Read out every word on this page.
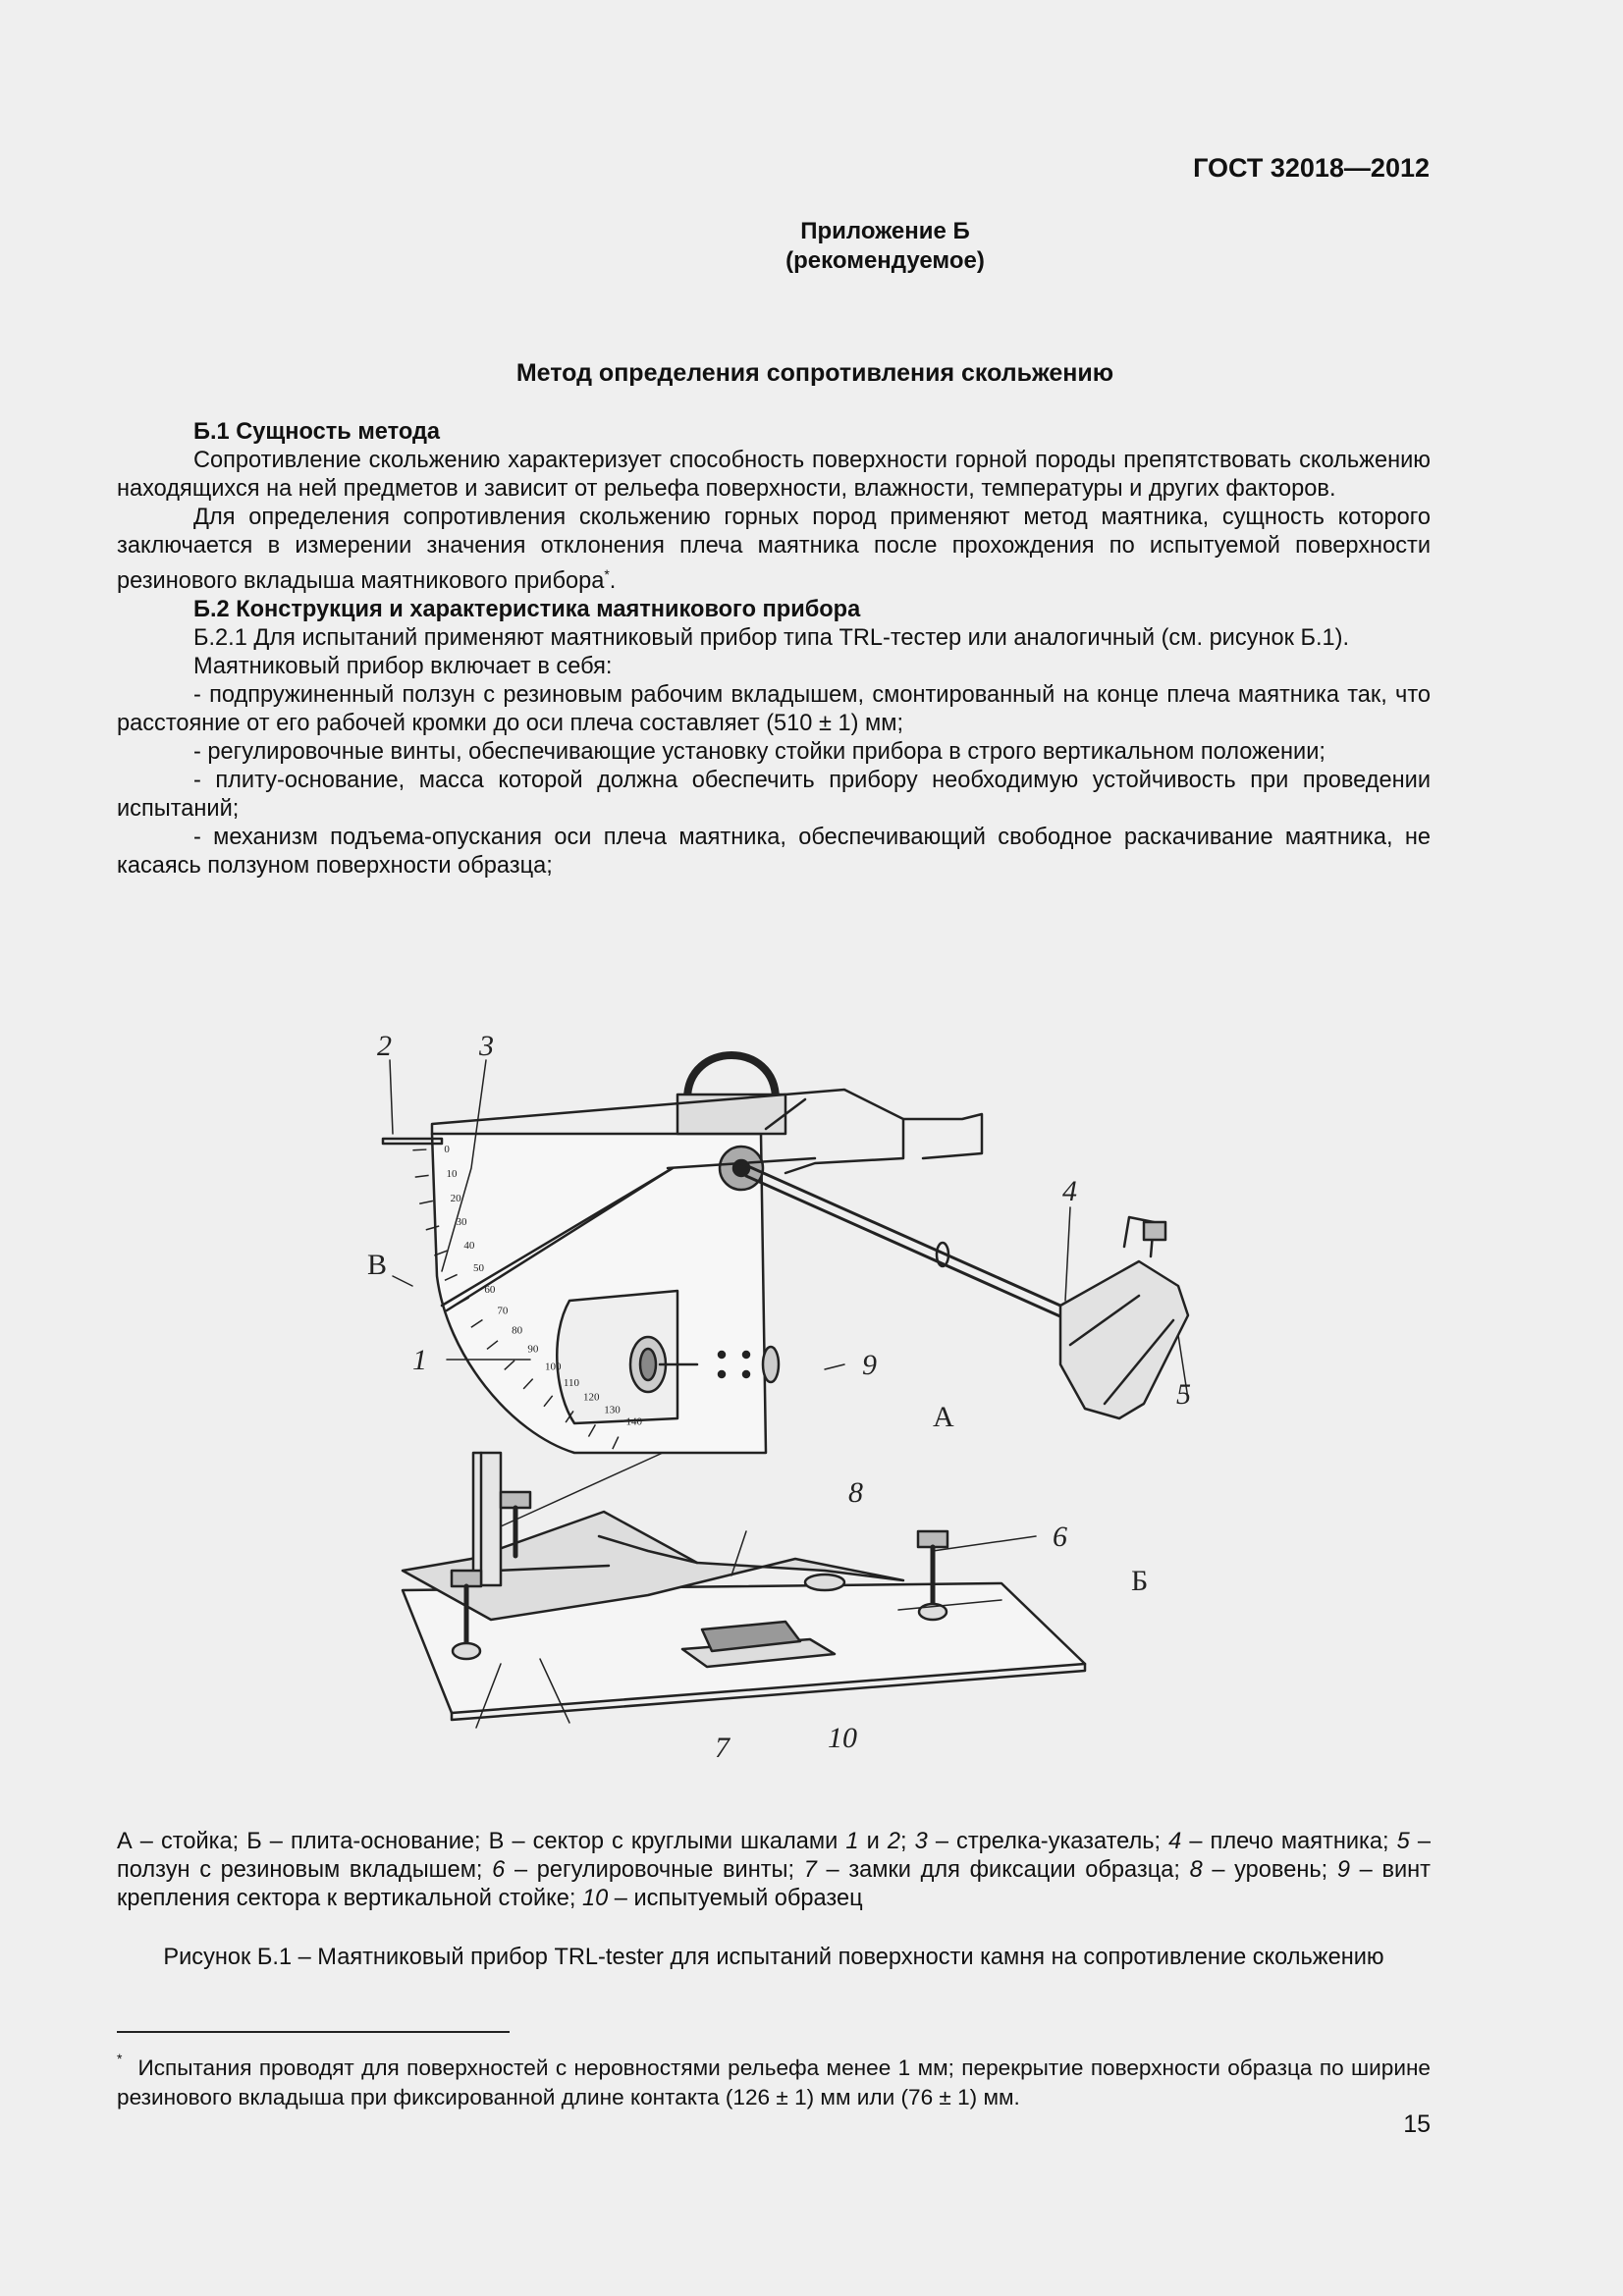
ГОСТ 32018—2012
Приложение Б
(рекомендуемое)
Метод определения сопротивления скольжению

Б.1 Сущность метода

Сопротивление скольжению характеризует способность поверхности горной породы препятствовать скольжению находящихся на ней предметов и зависит от рельефа поверхности, влажности, температуры и других факторов.

Для определения сопротивления скольжению горных пород применяют метод маятника, сущность которого заключается в измерении значения отклонения плеча маятника после прохождения по испытуемой поверхности резинового вкладыша маятникового прибора*.

Б.2 Конструкция и характеристика маятникового прибора

Б.2.1 Для испытаний применяют маятниковый прибор типа TRL-тестер или аналогичный (см. рисунок Б.1).

Маятниковый прибор включает в себя:

- подпружиненный ползун с резиновым рабочим вкладышем, смонтированный на конце плеча маятника так, что расстояние от его рабочей кромки до оси плеча составляет (510 ± 1) мм;

- регулировочные винты, обеспечивающие установку стойки прибора в строго вертикальном положении;

- плиту-основание, масса которой должна обеспечить прибору необходимую устойчивость при проведении испытаний;

- механизм подъема-опускания оси плеча маятника, обеспечивающий свободное раскачивание маятника, не касаясь ползуном поверхности образца;

0
10
20
30
40
50
60
70
80
90
100
110
120
130
140
2	3
В
1	9
4
5
А
8
6
Б
7	10
А – стойка; Б – плита-основание; В – сектор с круглыми шкалами 1 и 2; 3 – стрелка-указатель; 4 – плечо маятника; 5 – ползун с резиновым вкладышем; 6 – регулировочные винты; 7 – замки для фиксации образца; 8 – уровень; 9 – винт крепления сектора к вертикальной стойке; 10 – испытуемый образец
Рисунок Б.1 – Маятниковый прибор TRL-tester для испытаний поверхности камня на сопротивление скольжению
* Испытания проводят для поверхностей с неровностями рельефа менее 1 мм; перекрытие поверхности образца по ширине резинового вкладыша при фиксированной длине контакта (126 ± 1) мм или (76 ± 1) мм.
15
